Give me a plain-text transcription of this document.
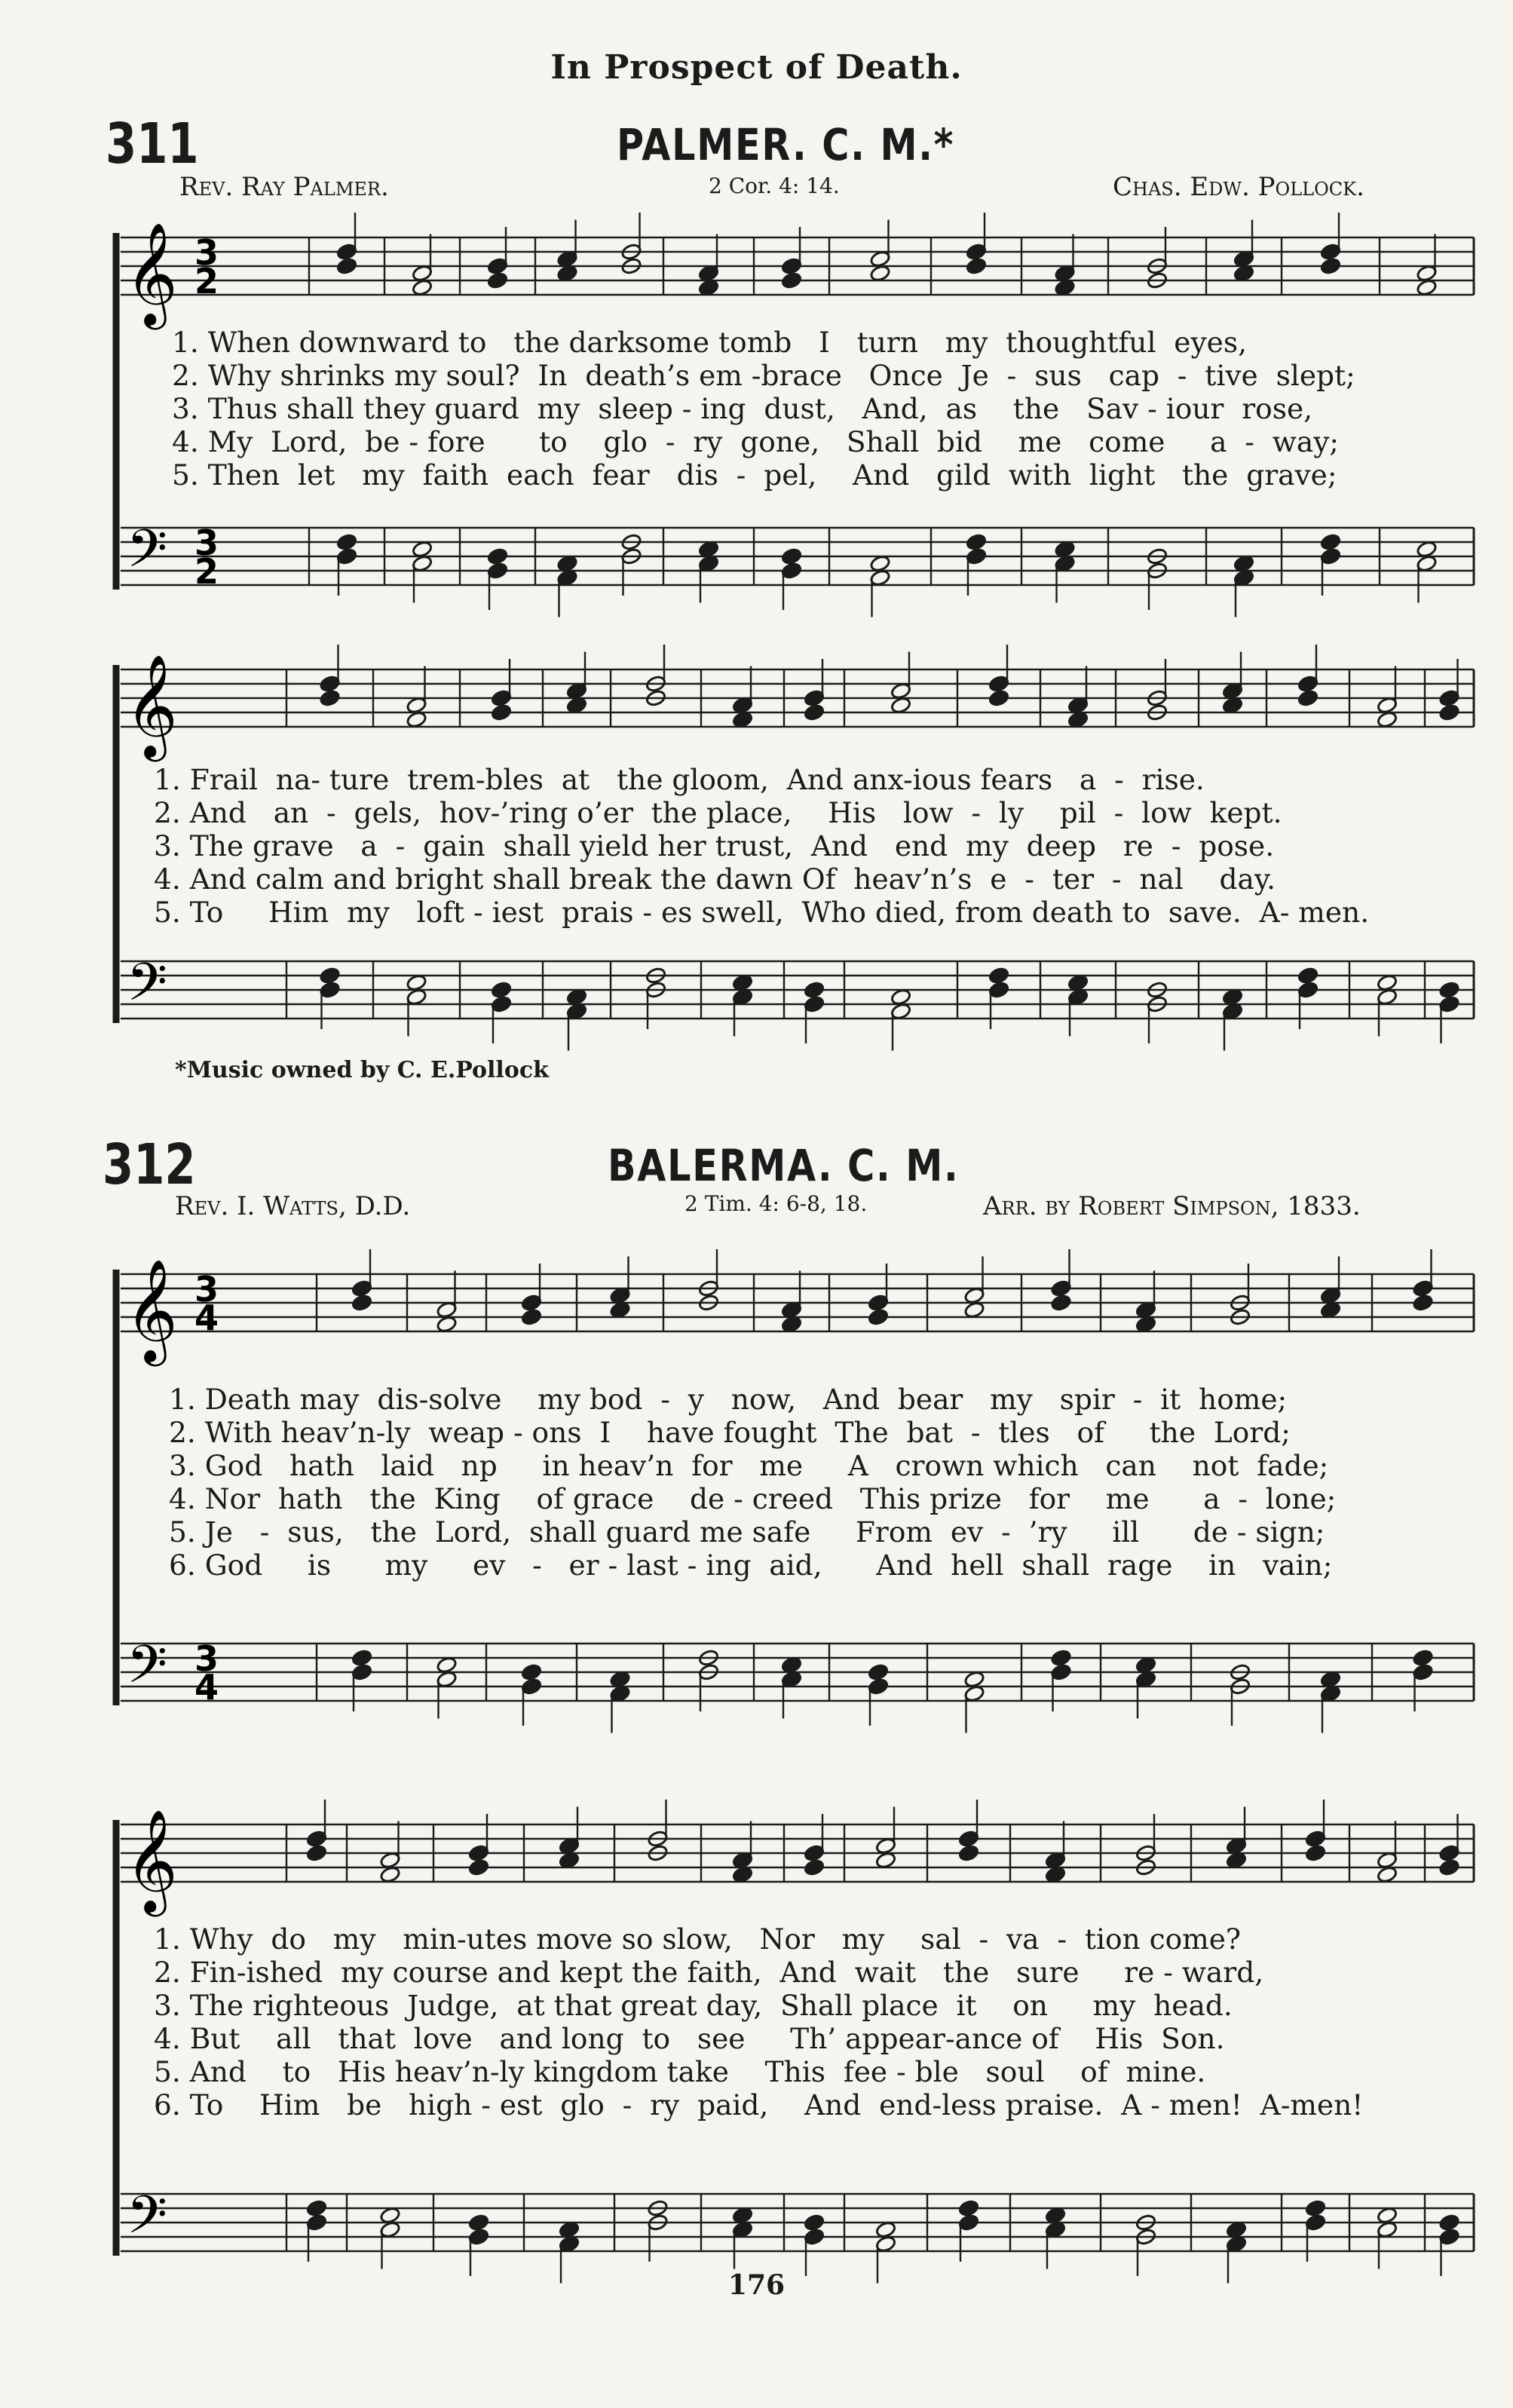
In Prospect of Death.
311	PALMER. C. M.*
Rev. Ray Palmer.	2 Cor. 4: 14.	Chas. Edw. Pollock.
𝄞
𝄢
𝄞
𝄢
𝄞
𝄢
𝄞
𝄢
3
2
3
2
3
4
3
4
1. When downward to   the darksome tomb   I   turn   my  thoughtful  eyes,
2. Why shrinks my soul?  In  death’s em -brace   Once  Je  -  sus   cap  -  tive  slept;
3. Thus shall they guard  my  sleep - ing  dust,   And,  as    the   Sav - iour  rose,
4. My  Lord,  be - fore      to    glo  -  ry  gone,   Shall  bid    me   come     a  -  way;
5. Then  let   my  faith  each  fear   dis  -  pel,    And   gild  with  light   the  grave;
1. Frail  na- ture  trem-bles  at   the gloom,  And anx-ious fears   a  -  rise.
2. And   an  -  gels,  hov-’ring o’er  the place,    His   low  -  ly    pil  -  low  kept.
3. The grave   a  -  gain  shall yield her trust,  And   end  my  deep   re  -  pose.
4. And calm and bright shall break the dawn Of  heav’n’s  e  -  ter  -  nal    day.
5. To     Him  my   loft - iest  prais - es swell,  Who died, from death to  save.  A- men.
*Music owned by C. E.Pollock
312	BALERMA. C. M.
Rev. I. Watts, D.D.	2 Tim. 4: 6-8, 18.	Arr. by Robert Simpson, 1833.
1. Death may  dis-solve    my bod  -  y   now,   And  bear   my   spir  -  it  home;
2. With heav’n-ly  weap - ons  I    have fought  The  bat  -  tles   of     the  Lord;
3. God   hath   laid   np     in heav’n  for   me     A   crown which   can    not  fade;
4. Nor  hath   the  King    of grace    de - creed   This prize   for    me      a  -  lone;
5. Je   -  sus,   the  Lord,  shall guard me safe     From  ev  -  ’ry     ill      de - sign;
6. God     is      my     ev   -   er - last - ing  aid,      And  hell  shall  rage    in   vain;
1. Why  do   my   min-utes move so slow,   Nor   my    sal  -  va  -  tion come?
2. Fin-ished  my course and kept the faith,  And  wait   the   sure     re - ward,
3. The righteous  Judge,  at that great day,  Shall place  it    on     my  head.
4. But    all   that  love   and long  to   see     Th’ appear-ance of    His  Son.
5. And    to   His heav’n-ly kingdom take    This  fee - ble   soul    of  mine.
6. To    Him   be   high - est  glo  -  ry  paid,    And  end-less praise.  A - men!  A-men!
176
